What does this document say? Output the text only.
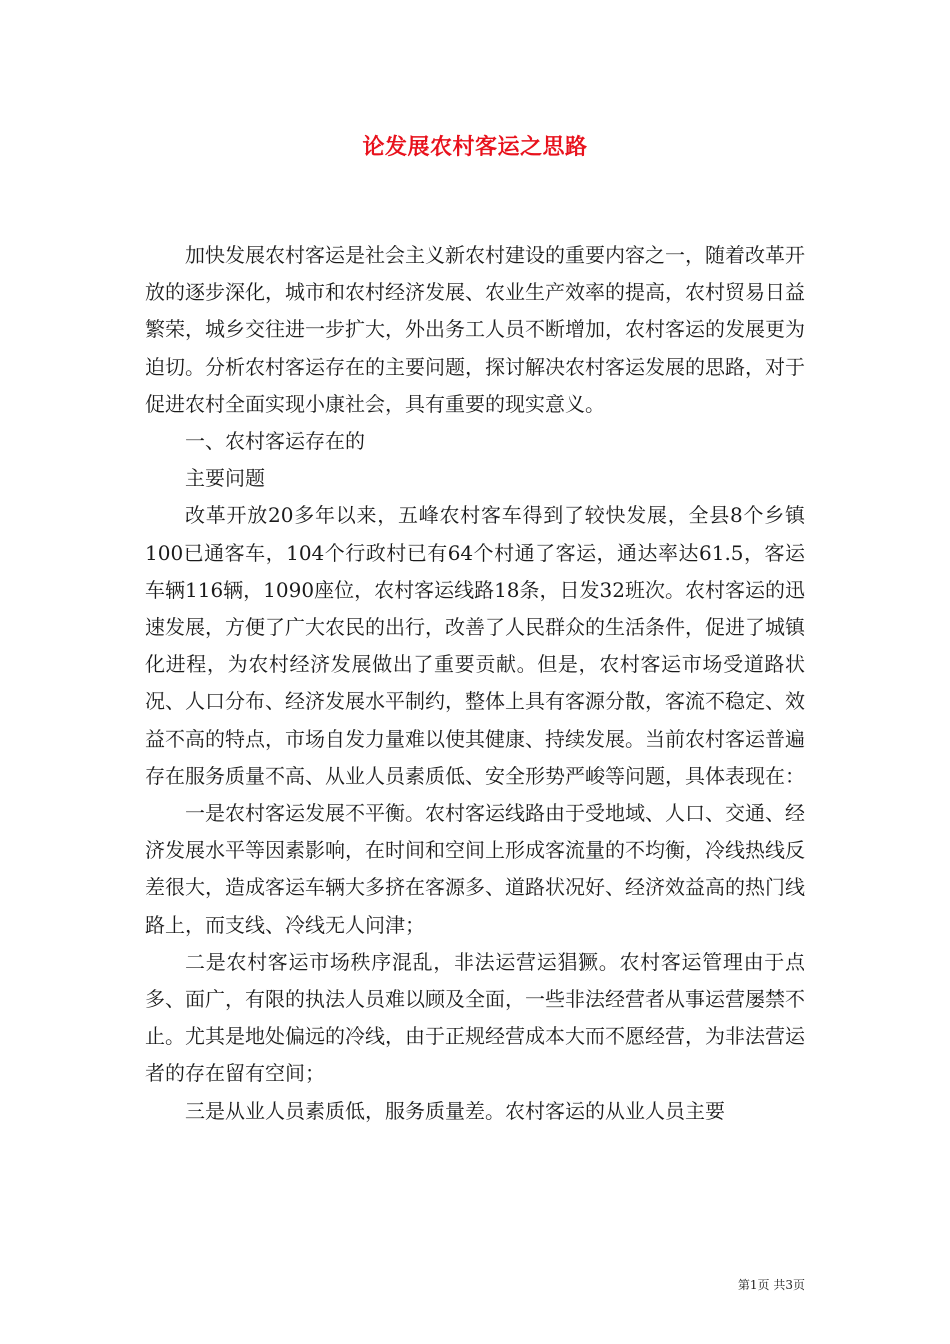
论发展农村客运之思路

加快发展农村客运是社会主义新农村建设的重要内容之一，随着改革开放的逐步深化，城市和农村经济发展、农业生产效率的提高，农村贸易日益繁荣，城乡交往进一步扩大，外出务工人员不断增加，农村客运的发展更为迫切。分析农村客运存在的主要问题，探讨解决农村客运发展的思路，对于促进农村全面实现小康社会，具有重要的现实意义。

一、农村客运存在的

主要问题

改革开放20多年以来，五峰农村客车得到了较快发展，全县8个乡镇100已通客车，104个行政村已有64个村通了客运，通达率达61.5，客运车辆116辆，1090座位，农村客运线路18条，日发32班次。农村客运的迅速发展，方便了广大农民的出行，改善了人民群众的生活条件，促进了城镇化进程，为农村经济发展做出了重要贡献。但是，农村客运市场受道路状况、人口分布、经济发展水平制约，整体上具有客源分散，客流不稳定、效益不高的特点，市场自发力量难以使其健康、持续发展。当前农村客运普遍存在服务质量不高、从业人员素质低、安全形势严峻等问题，具体表现在：

一是农村客运发展不平衡。农村客运线路由于受地域、人口、交通、经济发展水平等因素影响，在时间和空间上形成客流量的不均衡，冷线热线反差很大，造成客运车辆大多挤在客源多、道路状况好、经济效益高的热门线路上，而支线、冷线无人问津；

二是农村客运市场秩序混乱，非法运营运猖獗。农村客运管理由于点多、面广，有限的执法人员难以顾及全面，一些非法经营者从事运营屡禁不止。尤其是地处偏远的冷线，由于正规经营成本大而不愿经营，为非法营运者的存在留有空间；

三是从业人员素质低，服务质量差。农村客运的从业人员主要

第1页 共3页
